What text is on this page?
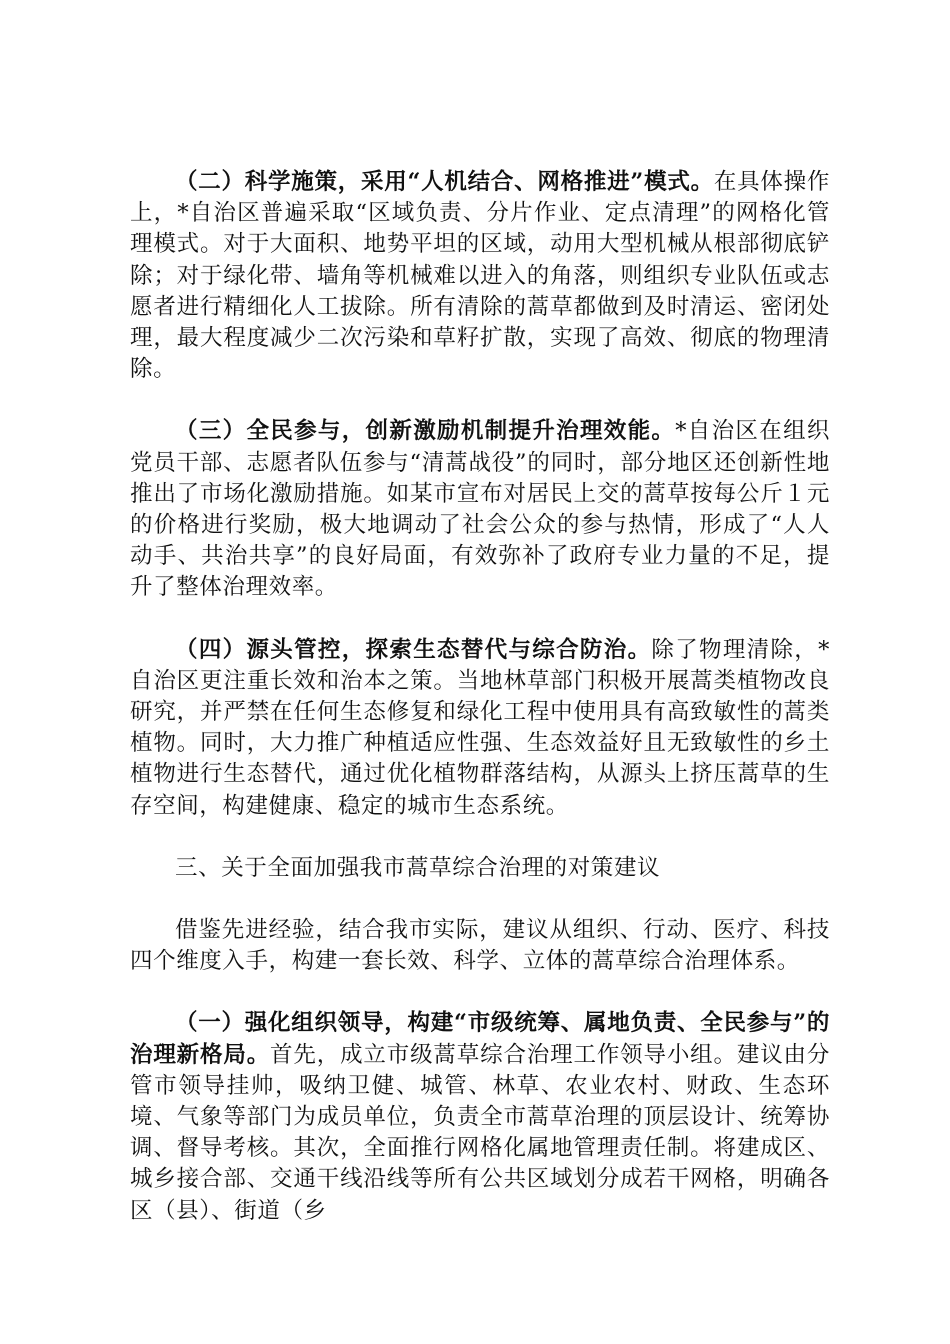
（二）科学施策，采用“人机结合、网格推进”模式。在具体操作上，*自治区普遍采取“区域负责、分片作业、定点清理”的网格化管理模式。对于大面积、地势平坦的区域，动用大型机械从根部彻底铲除；对于绿化带、墙角等机械难以进入的角落，则组织专业队伍或志愿者进行精细化人工拔除。所有清除的蒿草都做到及时清运、密闭处理，最大程度减少二次污染和草籽扩散，实现了高效、彻底的物理清除。

（三）全民参与，创新激励机制提升治理效能。*自治区在组织党员干部、志愿者队伍参与“清蒿战役”的同时，部分地区还创新性地推出了市场化激励措施。如某市宣布对居民上交的蒿草按每公斤１元的价格进行奖励，极大地调动了社会公众的参与热情，形成了“人人动手、共治共享”的良好局面，有效弥补了政府专业力量的不足，提升了整体治理效率。

（四）源头管控，探索生态替代与综合防治。除了物理清除，*自治区更注重长效和治本之策。当地林草部门积极开展蒿类植物改良研究，并严禁在任何生态修复和绿化工程中使用具有高致敏性的蒿类植物。同时，大力推广种植适应性强、生态效益好且无致敏性的乡土植物进行生态替代，通过优化植物群落结构，从源头上挤压蒿草的生存空间，构建健康、稳定的城市生态系统。

三、关于全面加强我市蒿草综合治理的对策建议

借鉴先进经验，结合我市实际，建议从组织、行动、医疗、科技四个维度入手，构建一套长效、科学、立体的蒿草综合治理体系。

（一）强化组织领导，构建“市级统筹、属地负责、全民参与”的治理新格局。首先，成立市级蒿草综合治理工作领导小组。建议由分管市领导挂帅，吸纳卫健、城管、林草、农业农村、财政、生态环境、气象等部门为成员单位，负责全市蒿草治理的顶层设计、统筹协调、督导考核。其次，全面推行网格化属地管理责任制。将建成区、城乡接合部、交通干线沿线等所有公共区域划分成若干网格，明确各区（县）、街道（乡
